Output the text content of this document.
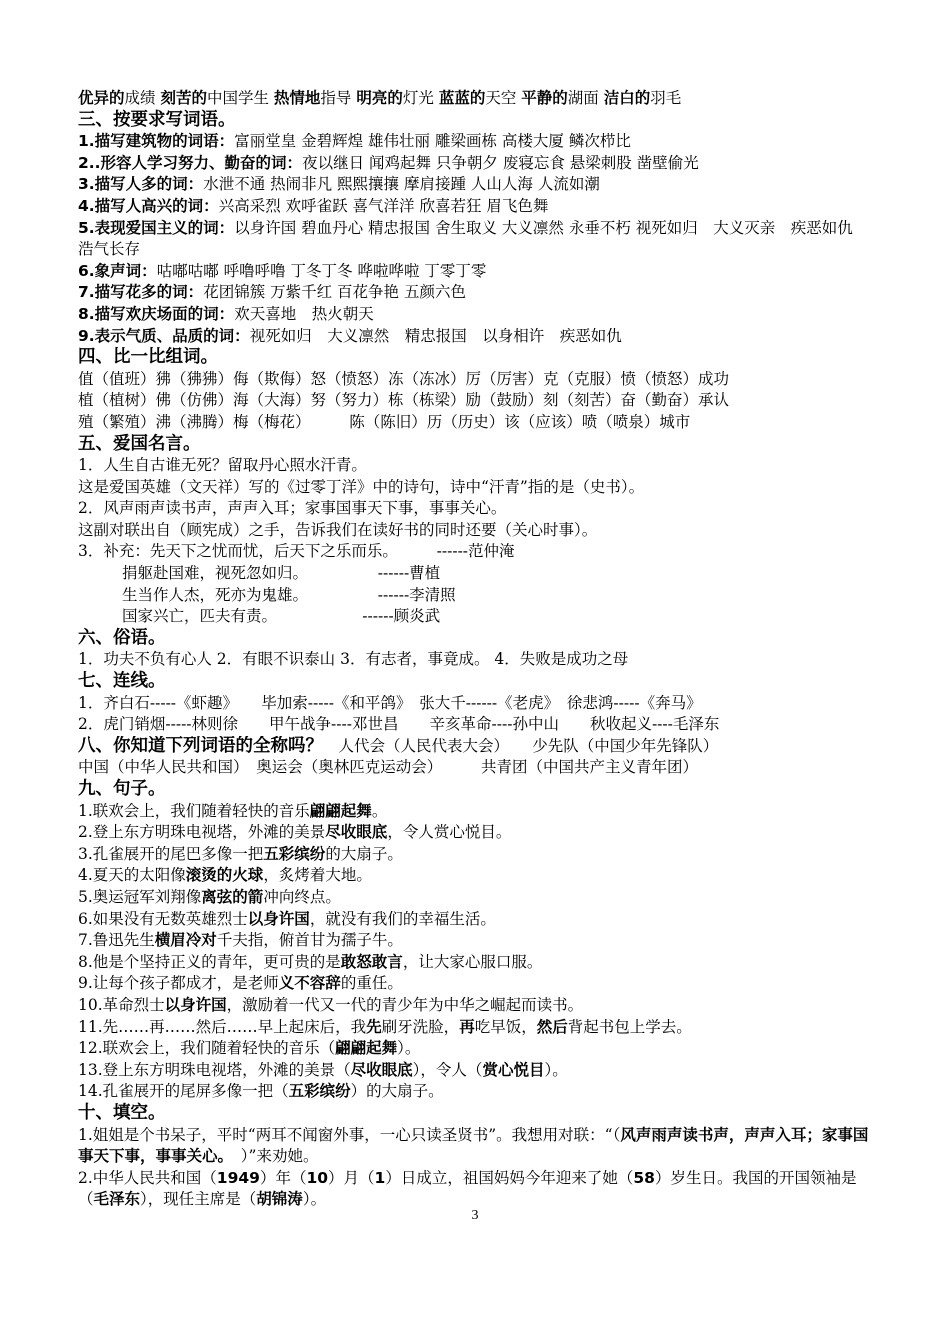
优异的成绩 刻苦的中国学生 热情地指导 明亮的灯光 蓝蓝的天空 平静的湖面 洁白的羽毛
三、按要求写词语。
1.描写建筑物的词语：富丽堂皇 金碧辉煌 雄伟壮丽 雕梁画栋 高楼大厦 鳞次栉比
2..形容人学习努力、勤奋的词：夜以继日 闻鸡起舞 只争朝夕 废寝忘食 悬梁刺股 凿壁偷光
3.描写人多的词：水泄不通 热闹非凡 熙熙攘攘 摩肩接踵 人山人海 人流如潮
4.描写人高兴的词：兴高采烈 欢呼雀跃 喜气洋洋 欣喜若狂 眉飞色舞
5.表现爱国主义的词：以身许国 碧血丹心 精忠报国 舍生取义 大义凛然 永垂不朽 视死如归　大义灭亲　疾恶如仇　浩气长存
6.象声词：咕嘟咕嘟 呼噜呼噜 丁冬丁冬 哗啦哗啦 丁零丁零
7.描写花多的词：花团锦簇 万紫千红 百花争艳 五颜六色
8.描写欢庆场面的词：欢天喜地　热火朝天
9.表示气质、品质的词：视死如归　大义凛然　精忠报国　以身相许　疾恶如仇
四、比一比组词。
值（值班）狒（狒狒）侮（欺侮）怒（愤怒）冻（冻冰）厉（厉害）克（克服）愤（愤怒）成功
植（植树）佛（仿佛）海（大海）努（努力）栋（栋梁）励（鼓励）刻（刻苦）奋（勤奋）承认
殖（繁殖）沸（沸腾）梅（梅花）　　　陈（陈旧）历（历史）该（应该）喷（喷泉）城市
五、爱国名言。
1．人生自古谁无死？留取丹心照水汗青。
这是爱国英雄（文天祥）写的《过零丁洋》中的诗句，诗中“汗青”指的是（史书）。
2．风声雨声读书声，声声入耳；家事国事天下事，事事关心。
这副对联出自（顾宪成）之手，告诉我们在读好书的同时还要（关心时事）。
3．补充：先天下之忧而忧，后天下之乐而乐。　　　------范仲淹
捐躯赴国难，视死忽如归。　　　　　------曹植
生当作人杰，死亦为鬼雄。　　　　　------李清照
国家兴亡，匹夫有责。　　　　　　------顾炎武
六、俗语。
1．功夫不负有心人 2．有眼不识泰山 3．有志者，事竟成。 4．失败是成功之母
七、连线。
1．齐白石-----《虾趣》　　毕加索-----《和平鸽》　张大千------《老虎》　徐悲鸿-----《奔马》
2．虎门销烟-----林则徐　　甲午战争----邓世昌　　辛亥革命----孙中山　　秋收起义----毛泽东
八、你知道下列词语的全称吗？　人代会（人民代表大会）　　少先队（中国少年先锋队）
中国（中华人民共和国）　奥运会（奥林匹克运动会）　　　共青团（中国共产主义青年团）
九、句子。
1.联欢会上，我们随着轻快的音乐翩翩起舞。
2.登上东方明珠电视塔，外滩的美景尽收眼底，令人赏心悦目。
3.孔雀展开的尾巴多像一把五彩缤纷的大扇子。
4.夏天的太阳像滚烫的火球，炙烤着大地。
5.奥运冠军刘翔像离弦的箭冲向终点。
6.如果没有无数英雄烈士以身许国，就没有我们的幸福生活。
7.鲁迅先生横眉冷对千夫指，俯首甘为孺子牛。
8.他是个坚持正义的青年，更可贵的是敢怒敢言，让大家心服口服。
9.让每个孩子都成才，是老师义不容辞的重任。
10.革命烈士以身许国，激励着一代又一代的青少年为中华之崛起而读书。
11.先……再……然后……早上起床后，我先刷牙洗脸，再吃早饭，然后背起书包上学去。
12.联欢会上，我们随着轻快的音乐（翩翩起舞）。
13.登上东方明珠电视塔，外滩的美景（尽收眼底），令人（赏心悦目）。
14.孔雀展开的尾屏多像一把（五彩缤纷）的大扇子。
十、填空。
1.姐姐是个书呆子，平时“两耳不闻窗外事，一心只读圣贤书”。我想用对联：“（风声雨声读书声，声声入耳；家事国事天下事，事事关心。　）”来劝她。
2.中华人民共和国（1949）年（10）月（1）日成立，祖国妈妈今年迎来了她（58）岁生日。我国的开国领袖是（毛泽东），现任主席是（胡锦涛）。
3
